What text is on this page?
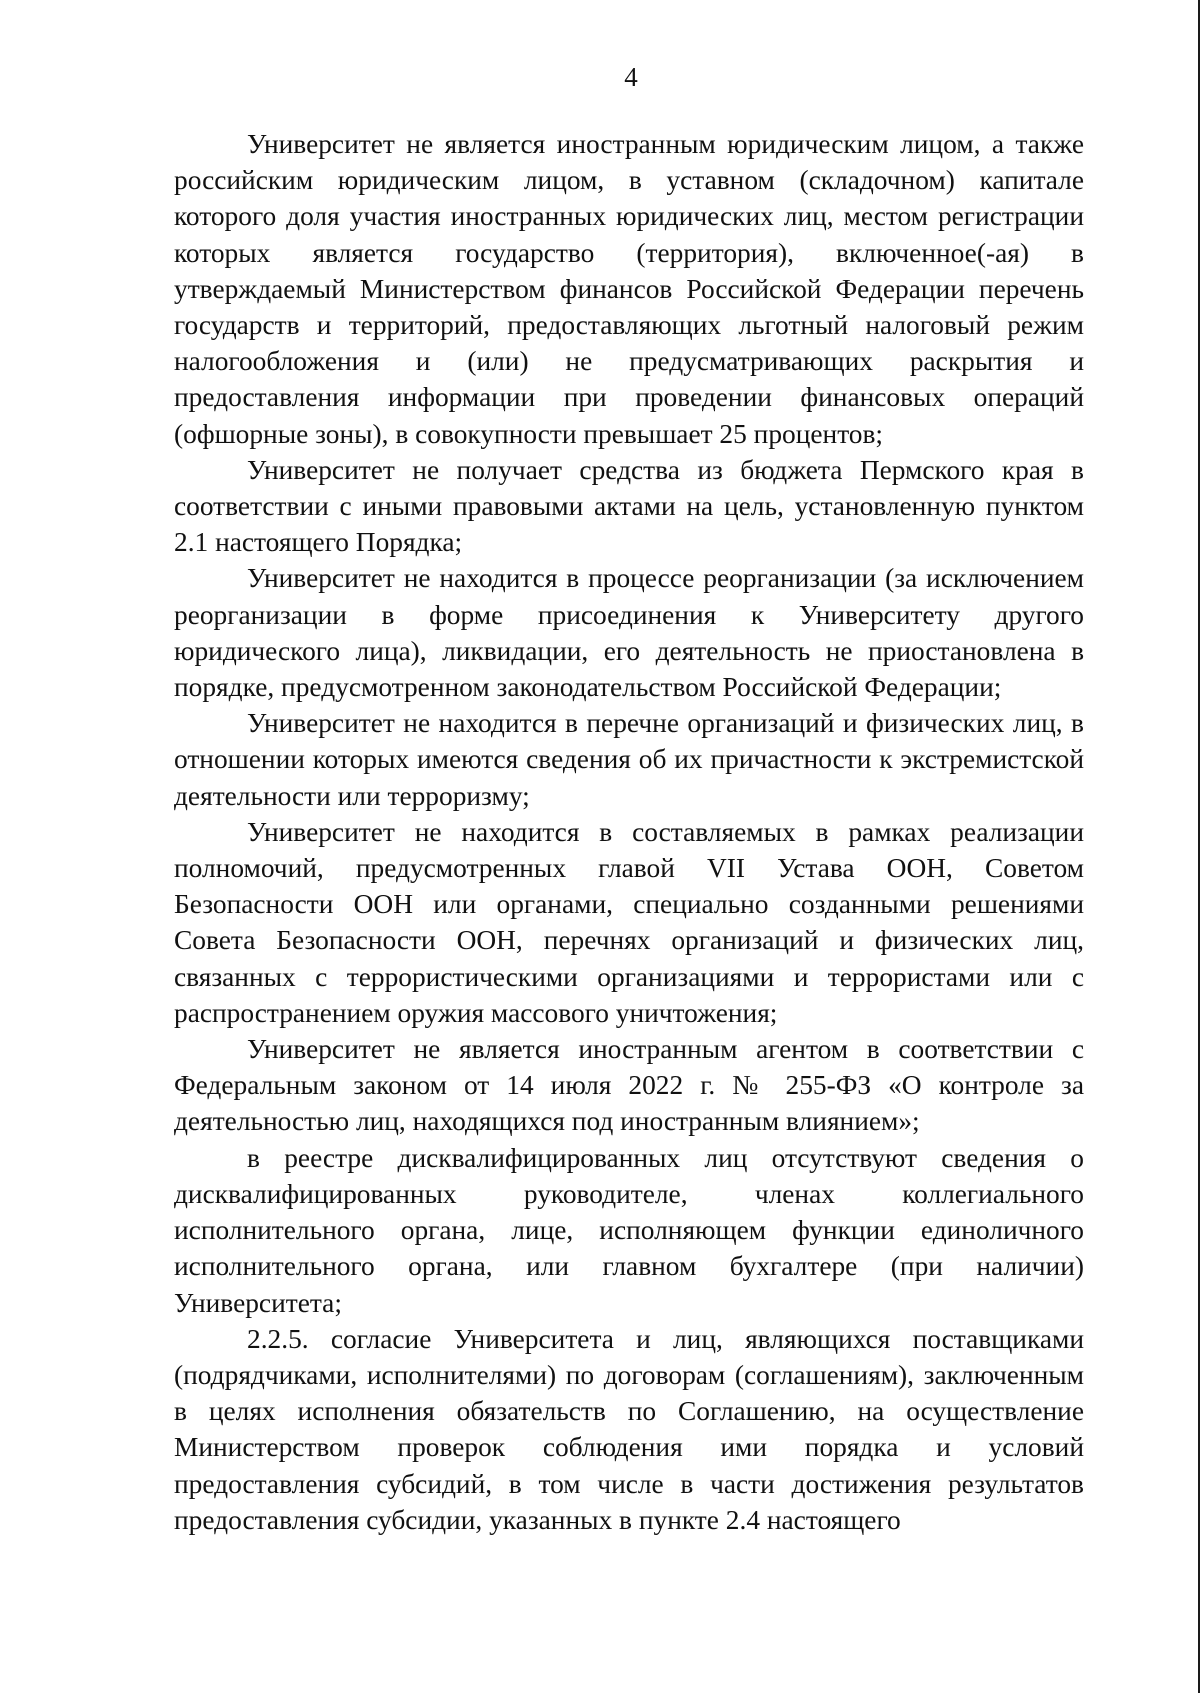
4

Университет не является иностранным юридическим лицом, а также российским юридическим лицом, в уставном (складочном) капитале которого доля участия иностранных юридических лиц, местом регистрации которых является государство (территория), включенное(-ая) в утверждаемый Министерством финансов Российской Федерации перечень государств и территорий, предоставляющих льготный налоговый режим налогообложения и (или) не предусматривающих раскрытия и предоставления информации при проведении финансовых операций (офшорные зоны), в совокупности превышает 25 процентов;

Университет не получает средства из бюджета Пермского края в соответствии с иными правовыми актами на цель, установленную пунктом 2.1 настоящего Порядка;

Университет не находится в процессе реорганизации (за исключением реорганизации в форме присоединения к Университету другого юридического лица), ликвидации, его деятельность не приостановлена в порядке, предусмотренном законодательством Российской Федерации;

Университет не находится в перечне организаций и физических лиц, в отношении которых имеются сведения об их причастности к экстремистской деятельности или терроризму;

Университет не находится в составляемых в рамках реализации полномочий, предусмотренных главой VII Устава ООН, Советом Безопасности ООН или органами, специально созданными решениями Совета Безопасности ООН, перечнях организаций и физических лиц, связанных с террористическими организациями и террористами или с распространением оружия массового уничтожения;

Университет не является иностранным агентом в соответствии с Федеральным законом от 14 июля 2022 г. № 255-ФЗ «О контроле за деятельностью лиц, находящихся под иностранным влиянием»;

в реестре дисквалифицированных лиц отсутствуют сведения о дисквалифицированных руководителе, членах коллегиального исполнительного органа, лице, исполняющем функции единоличного исполнительного органа, или главном бухгалтере (при наличии) Университета;

2.2.5. согласие Университета и лиц, являющихся поставщиками (подрядчиками, исполнителями) по договорам (соглашениям), заключенным в целях исполнения обязательств по Соглашению, на осуществление Министерством проверок соблюдения ими порядка и условий предоставления субсидий, в том числе в части достижения результатов предоставления субсидии, указанных в пункте 2.4 настоящего
